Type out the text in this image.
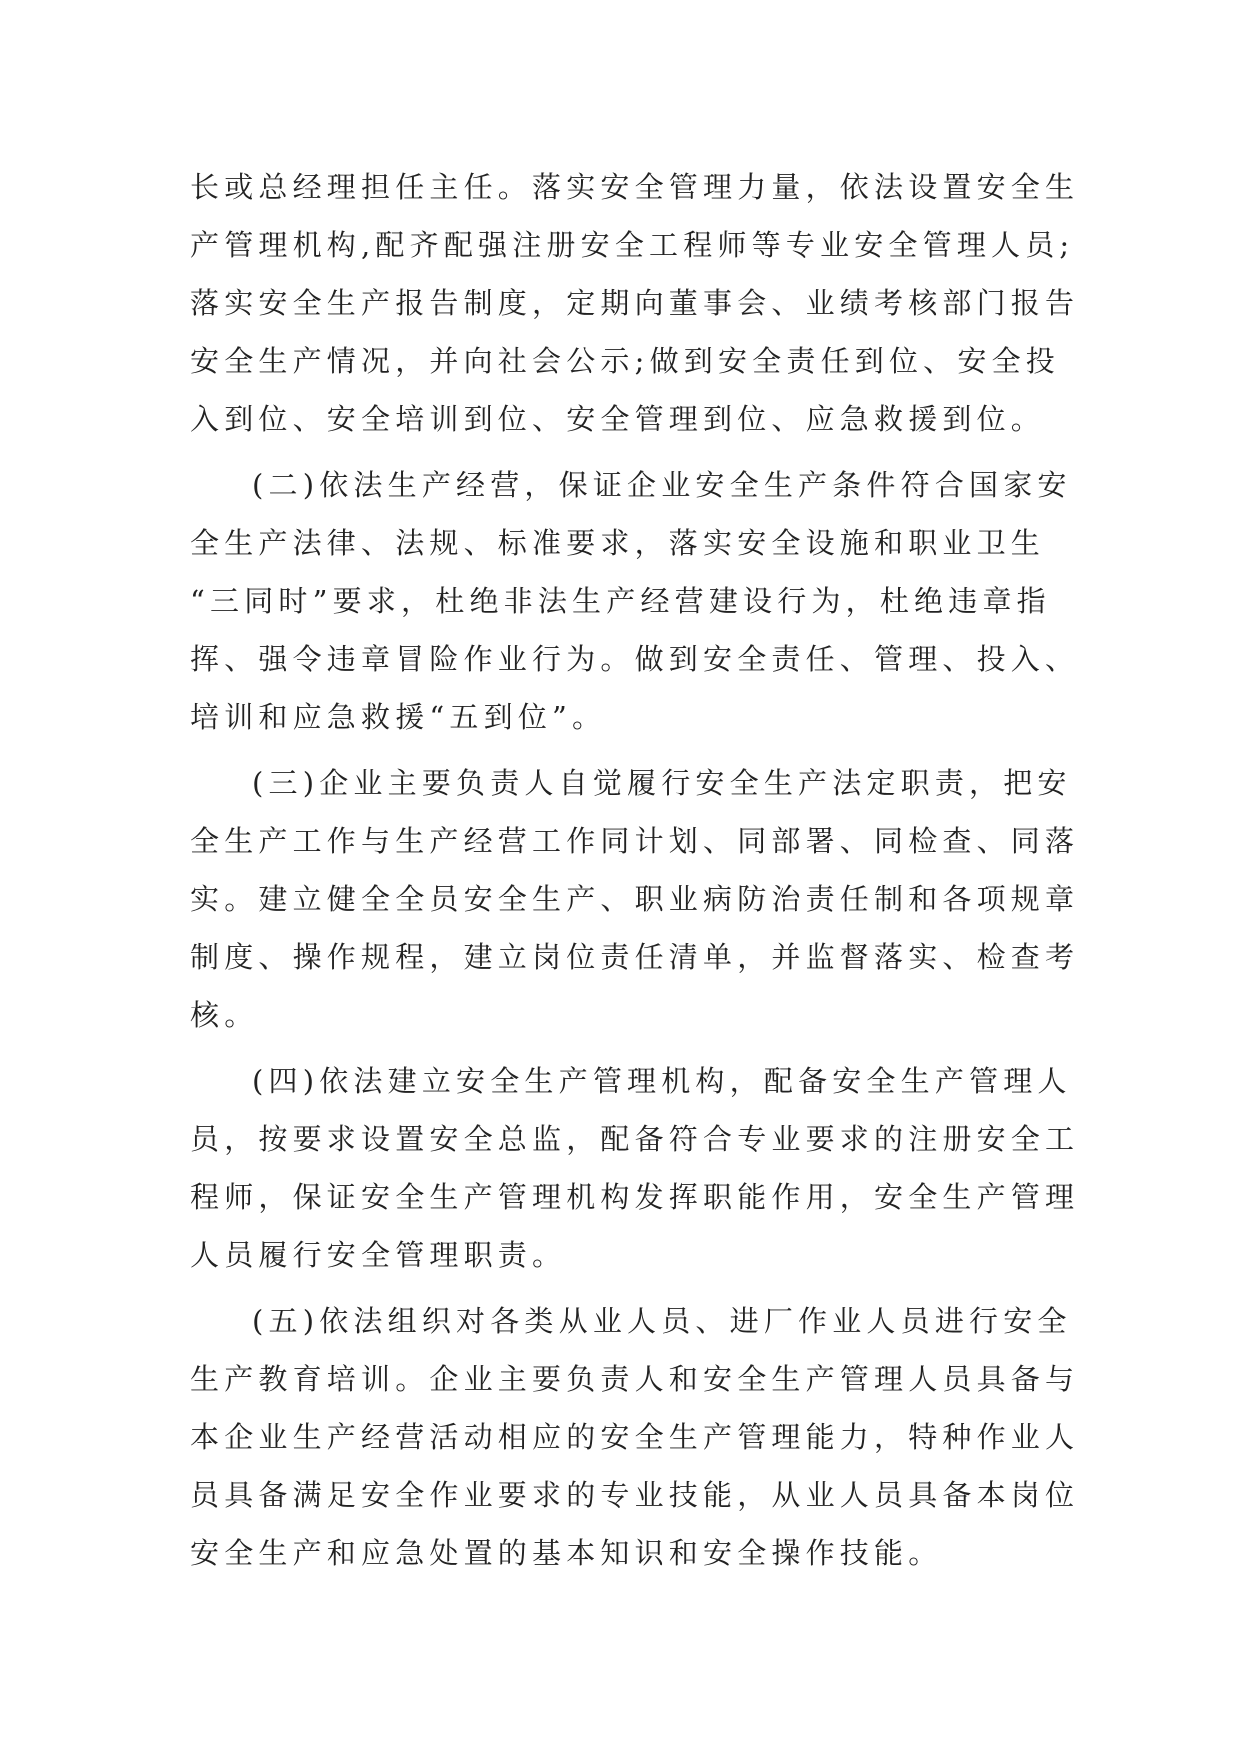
长或总经理担任主任。落实安全管理力量，依法设置安全生
产管理机构,配齐配强注册安全工程师等专业安全管理人员;
落实安全生产报告制度，定期向董事会、业绩考核部门报告
安全生产情况，并向社会公示;做到安全责任到位、安全投
入到位、安全培训到位、安全管理到位、应急救援到位。
(二)依法生产经营，保证企业安全生产条件符合国家安
全生产法律、法规、标准要求，落实安全设施和职业卫生
“三同时”要求，杜绝非法生产经营建设行为，杜绝违章指
挥、强令违章冒险作业行为。做到安全责任、管理、投入、
培训和应急救援“五到位”。
(三)企业主要负责人自觉履行安全生产法定职责，把安
全生产工作与生产经营工作同计划、同部署、同检查、同落
实。建立健全全员安全生产、职业病防治责任制和各项规章
制度、操作规程，建立岗位责任清单，并监督落实、检查考
核。
(四)依法建立安全生产管理机构，配备安全生产管理人
员，按要求设置安全总监，配备符合专业要求的注册安全工
程师，保证安全生产管理机构发挥职能作用，安全生产管理
人员履行安全管理职责。
(五)依法组织对各类从业人员、进厂作业人员进行安全
生产教育培训。企业主要负责人和安全生产管理人员具备与
本企业生产经营活动相应的安全生产管理能力，特种作业人
员具备满足安全作业要求的专业技能，从业人员具备本岗位
安全生产和应急处置的基本知识和安全操作技能。
